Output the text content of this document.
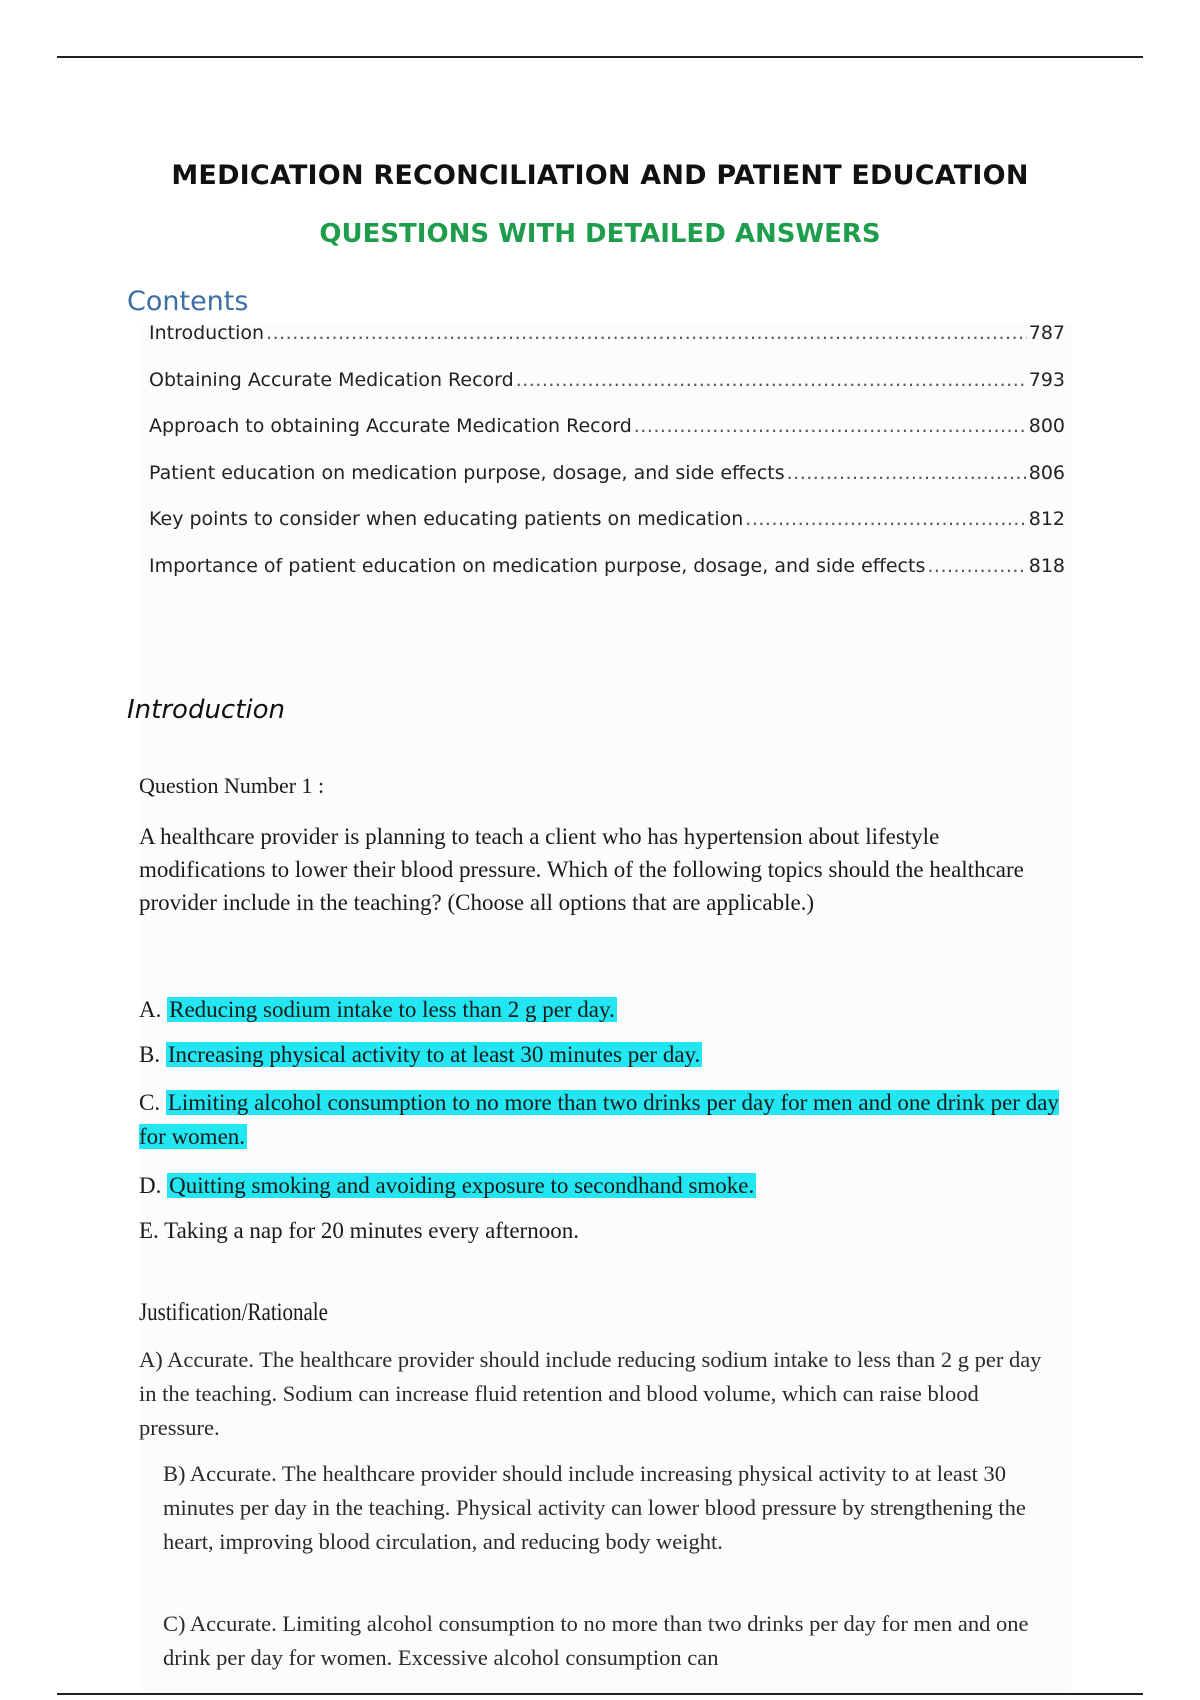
MEDICATION RECONCILIATION AND PATIENT EDUCATION
QUESTIONS WITH DETAILED ANSWERS
Contents
Introduction .....	787
Obtaining Accurate Medication Record .....	793
Approach to obtaining Accurate Medication Record .....	800
Patient education on medication purpose, dosage, and side effects .....	806
Key points to consider when educating patients on medication .....	812
Importance of patient education on medication purpose, dosage, and side effects .....	818
Introduction
Question Number 1 :
A healthcare provider is planning to teach a client who has hypertension about lifestyle modifications to lower their blood pressure. Which of the following topics should the healthcare provider include in the teaching? (Choose all options that are applicable.)
A. Reducing sodium intake to less than 2 g per day.
B. Increasing physical activity to at least 30 minutes per day.
C. Limiting alcohol consumption to no more than two drinks per day for men and one drink per day for women.
D. Quitting smoking and avoiding exposure to secondhand smoke.
E. Taking a nap for 20 minutes every afternoon.
Justification/Rationale
A) Accurate. The healthcare provider should include reducing sodium intake to less than 2 g per day in the teaching. Sodium can increase fluid retention and blood volume, which can raise blood pressure.
B) Accurate. The healthcare provider should include increasing physical activity to at least 30 minutes per day in the teaching. Physical activity can lower blood pressure by strengthening the heart, improving blood circulation, and reducing body weight.
C) Accurate. Limiting alcohol consumption to no more than two drinks per day for men and one drink per day for women. Excessive alcohol consumption can
